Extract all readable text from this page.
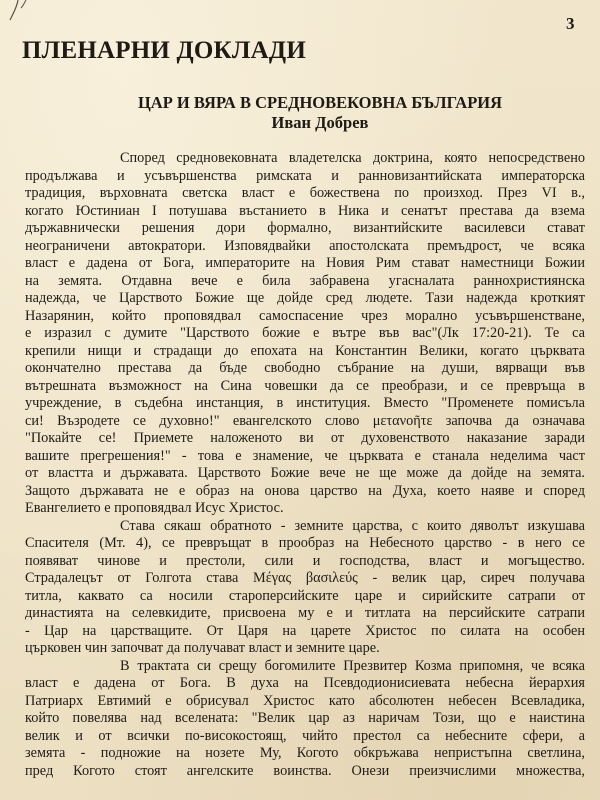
3
ПЛЕНАРНИ ДОКЛАДИ
ЦАР И ВЯРА В СРЕДНОВЕКОВНА БЪЛГАРИЯ
Иван Добрев
Според средновековната владетелска доктрина, която непосредствено
продължава и усъвършенства римската и ранновизантийската императорска
традиция, върховната светска власт е божествена по произход. През VI в.,
когато Юстиниан I потушава въстанието в Ника и сенатът престава да взема
държавнически решения дори формално, византийските василевси стават
неограничени автократори. Изповядвайки апостолската премъдрост, че всяка
власт е дадена от Бога, императорите на Новия Рим стават наместници Божии
на земята. Отдавна вече е била забравена угасналата раннохристиянска
надежда, че Царството Божие ще дойде сред людете. Тази надежда кроткият
Назарянин, който проповядвал самоспасение чрез морално усъвършенстване,
е изразил с думите "Царството божие е вътре във вас"(Лк 17:20-21). Те са
крепили нищи и страдащи до епохата на Константин Велики, когато църквата
окончателно престава да бъде свободно събрание на души, вярващи във
вътрешната възможност на Сина човешки да се преобрази, и се превръща в
учреждение, в съдебна инстанция, в институция. Вместо "Променете помисъла
си! Възродете се духовно!" евангелското слово μετανοῆτε започва да означава
"Покайте се! Приемете наложеното ви от духовенството наказание заради
вашите прегрешения!" - това е знамение, че църквата е станала неделима част
от властта и държавата. Царството Божие вече не ще може да дойде на земята.
Защото държавата не е образ на онова царство на Духа, което наяве и според
Евангелието е проповядвал Исус Христос.
Става сякаш обратното - земните царства, с които дяволът изкушава
Спасителя (Мт. 4), се превръщат в прообраз на Небесното царство - в него се
появяват чинове и престоли, сили и господства, власт и могъщество.
Страдалецът от Голгота става Μέγας βασιλεύς - велик цар, сиреч получава
титла, каквато са носили староперсийските царе и сирийските сатрапи от
династията на селевкидите, присвоена му е и титлата на персийските сатрапи
- Цар на царстващите. От Царя на царете Христос по силата на особен
църковен чин започват да получават власт и земните царе.
В трактата си срещу богомилите Презвитер Козма припомня, че всяка
власт е дадена от Бога. В духа на Псевдодионисиевата небесна йерархия
Патриарх Евтимий е обрисувал Христос като абсолютен небесен Всевладика,
който повелява над вселената: "Велик цар аз наричам Този, що е наистина
велик и от всички по-високостоящ, чийто престол са небесните сфери, а
земята - подножие на нозете Му, Когото обкръжава непристъпна светлина,
пред Когото стоят ангелските воинства. Онези преизчислими множества,
